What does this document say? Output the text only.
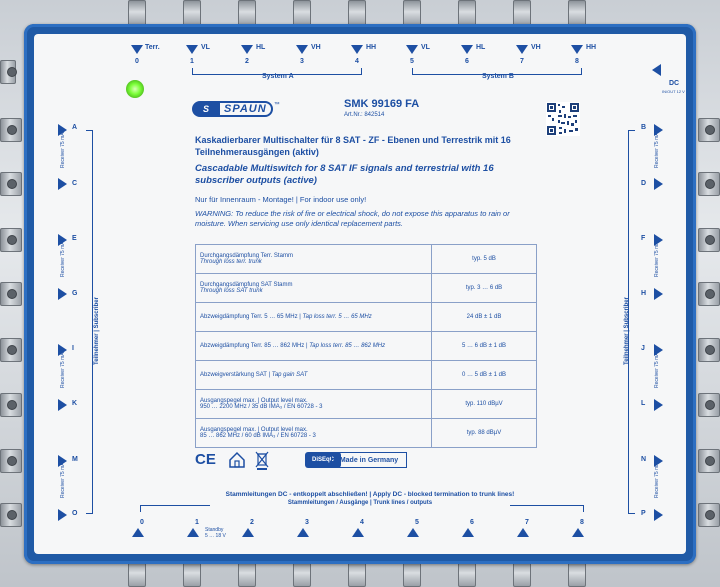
Terr.
0
VL
1
HL
2
VH
3
HH
4
VL
5
HL
6
VH
7
HH
8
System A	System B
DC
IN/OUT 12 V
S	SPAUN ™	SMK 99169 FA
Art.Nr.: 842514
Kaskadierbarer Multischalter für 8 SAT - ZF - Ebenen und Terrestrik mit 16 Teilnehmerausgängen (aktiv)
Cascadable Multiswitch for 8 SAT IF signals and terrestrial with 16 subscriber outputs (active)
Nur für Innenraum - Montage! | For indoor use only!
WARNING: To reduce the risk of fire or electrical shock, do not expose this apparatus to rain or moisture. When servicing use only identical replacement parts.
Durchgangsdämpfung Terr. Stamm
Through loss terr. trunk	typ. 5 dB

Durchgangsdämpfung SAT Stamm
Through loss SAT trunk	typ. 3 … 6 dB
Abzweigdämpfung Terr. 5 … 65 MHz | Tap loss terr. 5 … 65 MHz	24 dB ± 1 dB
Abzweigdämpfung Terr. 85 … 862 MHz | Tap loss terr. 85 … 862 MHz	5 … 6 dB ± 1 dB
Abzweigverstärkung SAT | Tap gain SAT	0 … 5 dB ± 1 dB

Ausgangspegel max. | Output level max.
950 … 2200 MHz / 35 dB IMA₃ / EN 60728 - 3	typ. 110 dBµV

Ausgangspegel max. | Output level max.
85 … 862 MHz / 60 dB IMA₃ / EN 60728 - 3	typ. 88 dBµV
CE	DiSEqC Made in Germany
A
C
E
G
I
K
M
O
Receiver 75 mA
Receiver 75 mA
Receiver 75 mA
Receiver 75 mA
Teilnehmer | Subscriber
B
D
F
H
J
L
N
P
Receiver 75 mA
Receiver 75 mA
Receiver 75 mA
Receiver 75 mA
Teilnehmer | Subscriber
Stammleitungen DC - entkoppelt abschließen! | Apply DC - blocked termination to trunk lines!
Stammleitungen / Ausgänge | Trunk lines / outputs
0	1	2	3	4	5	6	7	8
Standby
5 … 18 V
